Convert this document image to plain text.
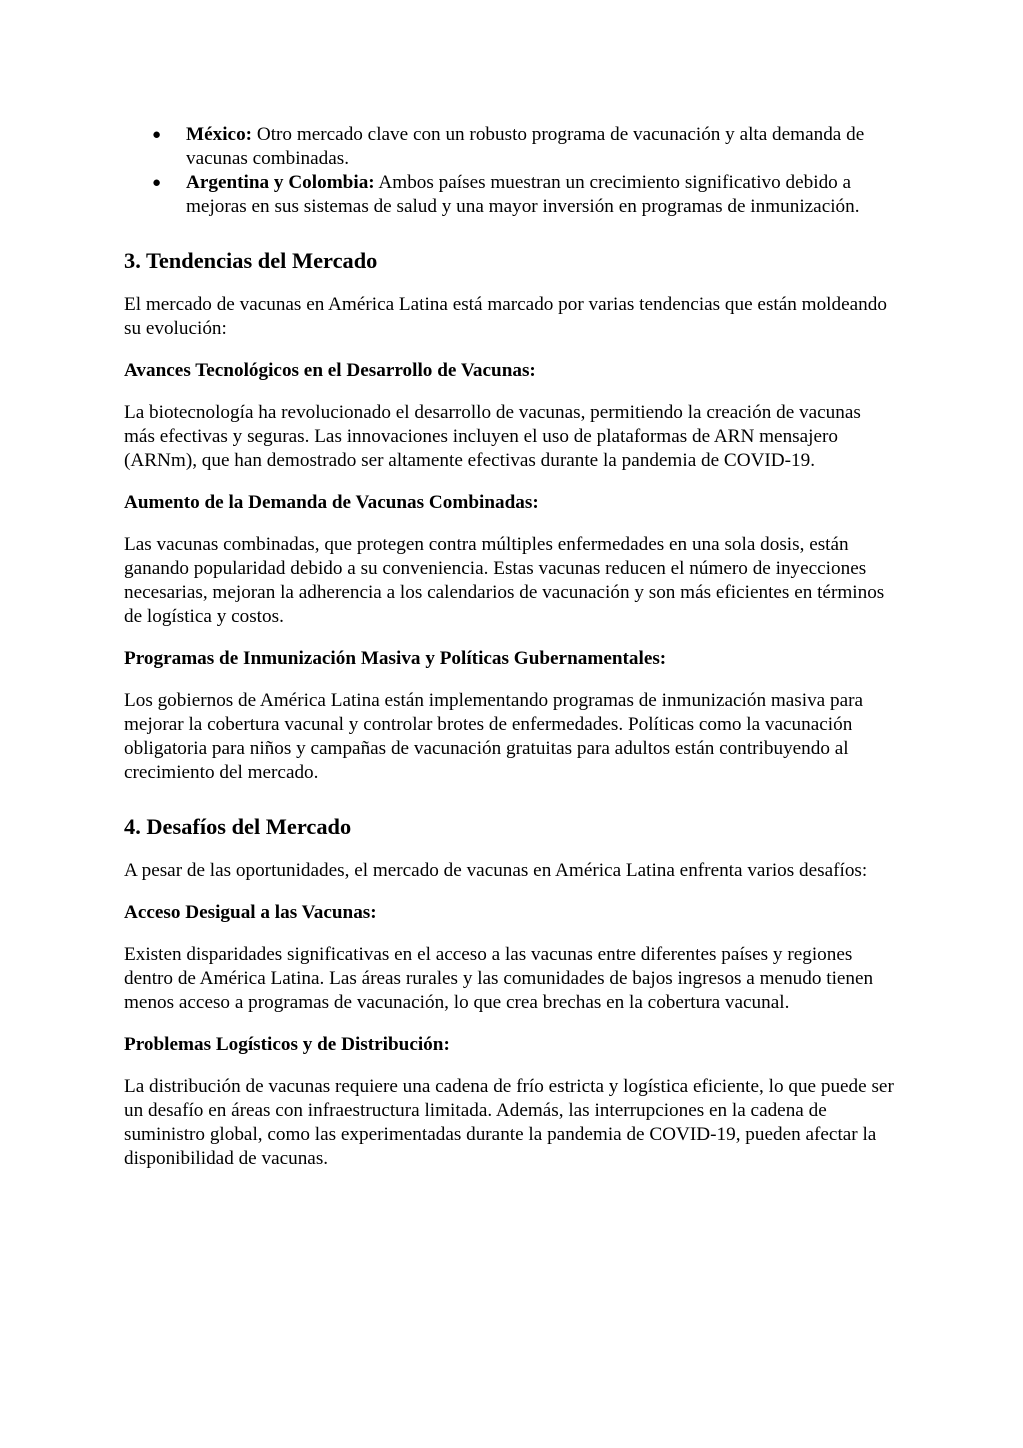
● México: Otro mercado clave con un robusto programa de vacunación y alta demanda de vacunas combinadas.
● Argentina y Colombia: Ambos países muestran un crecimiento significativo debido a mejoras en sus sistemas de salud y una mayor inversión en programas de inmunización.
3. Tendencias del Mercado

El mercado de vacunas en América Latina está marcado por varias tendencias que están moldeando su evolución:

Avances Tecnológicos en el Desarrollo de Vacunas:

La biotecnología ha revolucionado el desarrollo de vacunas, permitiendo la creación de vacunas más efectivas y seguras. Las innovaciones incluyen el uso de plataformas de ARN mensajero (ARNm), que han demostrado ser altamente efectivas durante la pandemia de COVID-19.

Aumento de la Demanda de Vacunas Combinadas:

Las vacunas combinadas, que protegen contra múltiples enfermedades en una sola dosis, están ganando popularidad debido a su conveniencia. Estas vacunas reducen el número de inyecciones necesarias, mejoran la adherencia a los calendarios de vacunación y son más eficientes en términos de logística y costos.

Programas de Inmunización Masiva y Políticas Gubernamentales:

Los gobiernos de América Latina están implementando programas de inmunización masiva para mejorar la cobertura vacunal y controlar brotes de enfermedades. Políticas como la vacunación obligatoria para niños y campañas de vacunación gratuitas para adultos están contribuyendo al crecimiento del mercado.

4. Desafíos del Mercado

A pesar de las oportunidades, el mercado de vacunas en América Latina enfrenta varios desafíos:

Acceso Desigual a las Vacunas:

Existen disparidades significativas en el acceso a las vacunas entre diferentes países y regiones dentro de América Latina. Las áreas rurales y las comunidades de bajos ingresos a menudo tienen menos acceso a programas de vacunación, lo que crea brechas en la cobertura vacunal.

Problemas Logísticos y de Distribución:

La distribución de vacunas requiere una cadena de frío estricta y logística eficiente, lo que puede ser un desafío en áreas con infraestructura limitada. Además, las interrupciones en la cadena de suministro global, como las experimentadas durante la pandemia de COVID-19, pueden afectar la disponibilidad de vacunas.
